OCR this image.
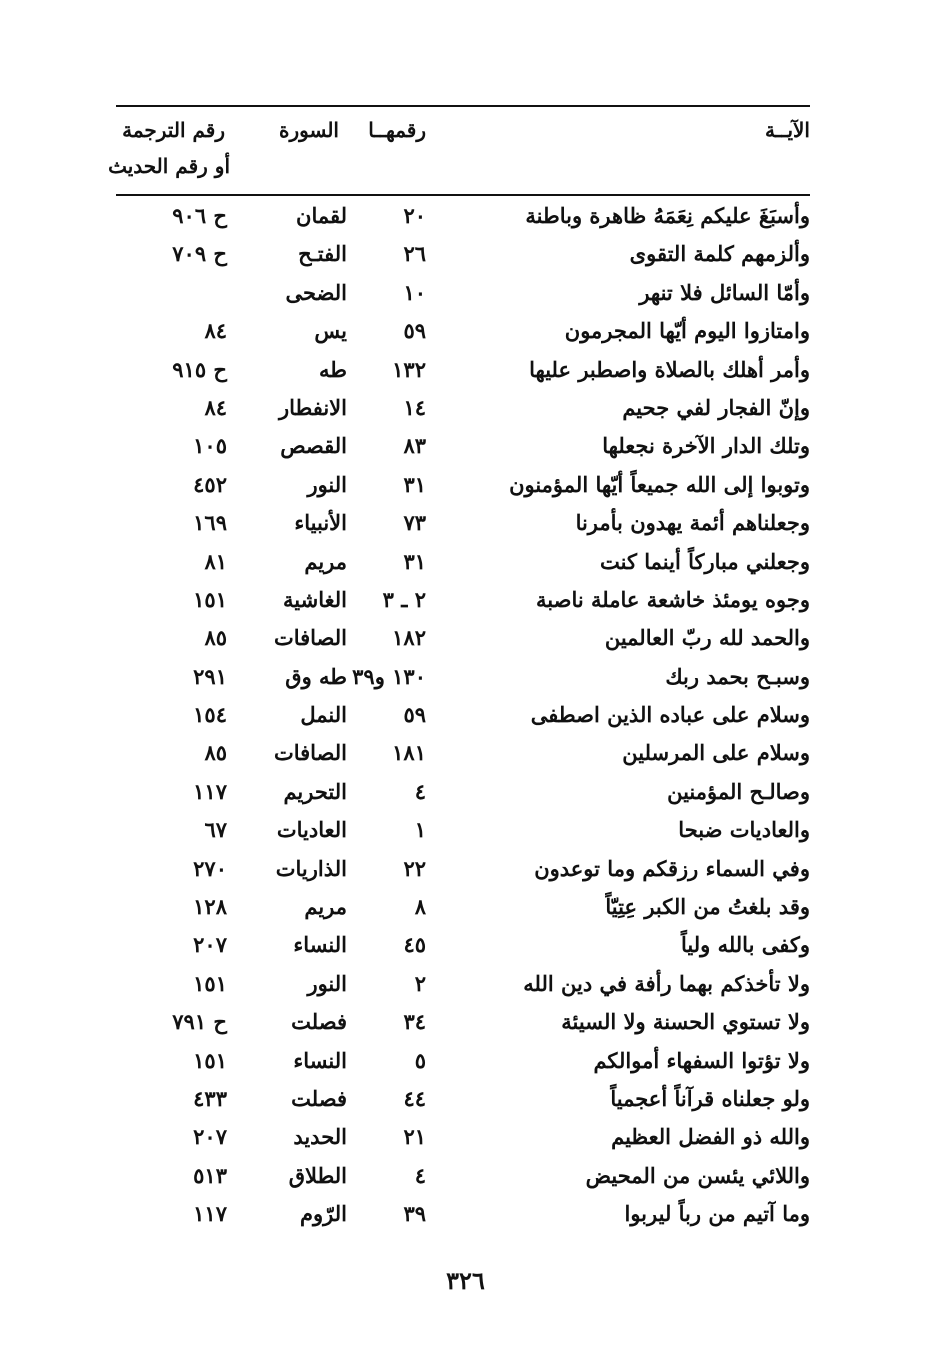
الآيــة
رقمهــا
السورة
رقم الترجمة
أو رقم الحديث
وأسبَغَ عليكم نِعَمَهُ ظاهرة وباطنة
٢٠
لقمان
ح ٩٠٦
وألزمهم كلمة التقوى
٢٦
الفتـح
ح ٧٠٩
وأمّا السائل فلا تنهر
١٠
الضحى
وامتازوا اليوم أيّها المجرمون
٥٩
يس
٨٤
وأمر أهلك بالصلاة واصطبر عليها
١٣٢
طه
ح ٩١٥
وإنّ الفجار لفي جحيم
١٤
الانفطار
٨٤
وتلك الدار الآخرة نجعلها
٨٣
القصص
١٠٥
وتوبوا إلى الله جميعاً أيّها المؤمنون
٣١
النور
٤٥٢
وجعلناهم أئمة يهدون بأمرنا
٧٣
الأنبياء
١٦٩
وجعلني مباركاً أينما كنت
٣١
مريم
٨١
وجوه يومئذ خاشعة عاملة ناصبة
٢ ـ ٣
الغاشية
١٥١
والحمد لله ربّ العالمين
١٨٢
الصافات
٨٥
وسبـح بحمد ربك
١٣٠ و٣٩
طه وق
٢٩١
وسلام على عباده الذين اصطفى
٥٩
النمل
١٥٤
وسلام على المرسلين
١٨١
الصافات
٨٥
وصالـح المؤمنين
٤
التحريم
١١٧
والعاديات ضبحا
١
العاديات
٦٧
وفي السماء رزقكم وما توعدون
٢٢
الذاريات
٢٧٠
وقد بلغتُ من الكبر عِتِيّاً
٨
مريم
١٢٨
وكفى بالله ولياً
٤٥
النساء
٢٠٧
ولا تأخذكم بهما رأفة في دين الله
٢
النور
١٥١
ولا تستوي الحسنة ولا السيئة
٣٤
فصلت
ح ٧٩١
ولا تؤتوا السفهاء أموالكم
٥
النساء
١٥١
ولو جعلناه قرآناً أعجمياً
٤٤
فصلت
٤٣٣
والله ذو الفضل العظيم
٢١
الحديد
٢٠٧
واللائي يئسن من المحيض
٤
الطلاق
٥١٣
وما آتيم من رباً ليربوا
٣٩
الرّوم
١١٧
٣٢٦
